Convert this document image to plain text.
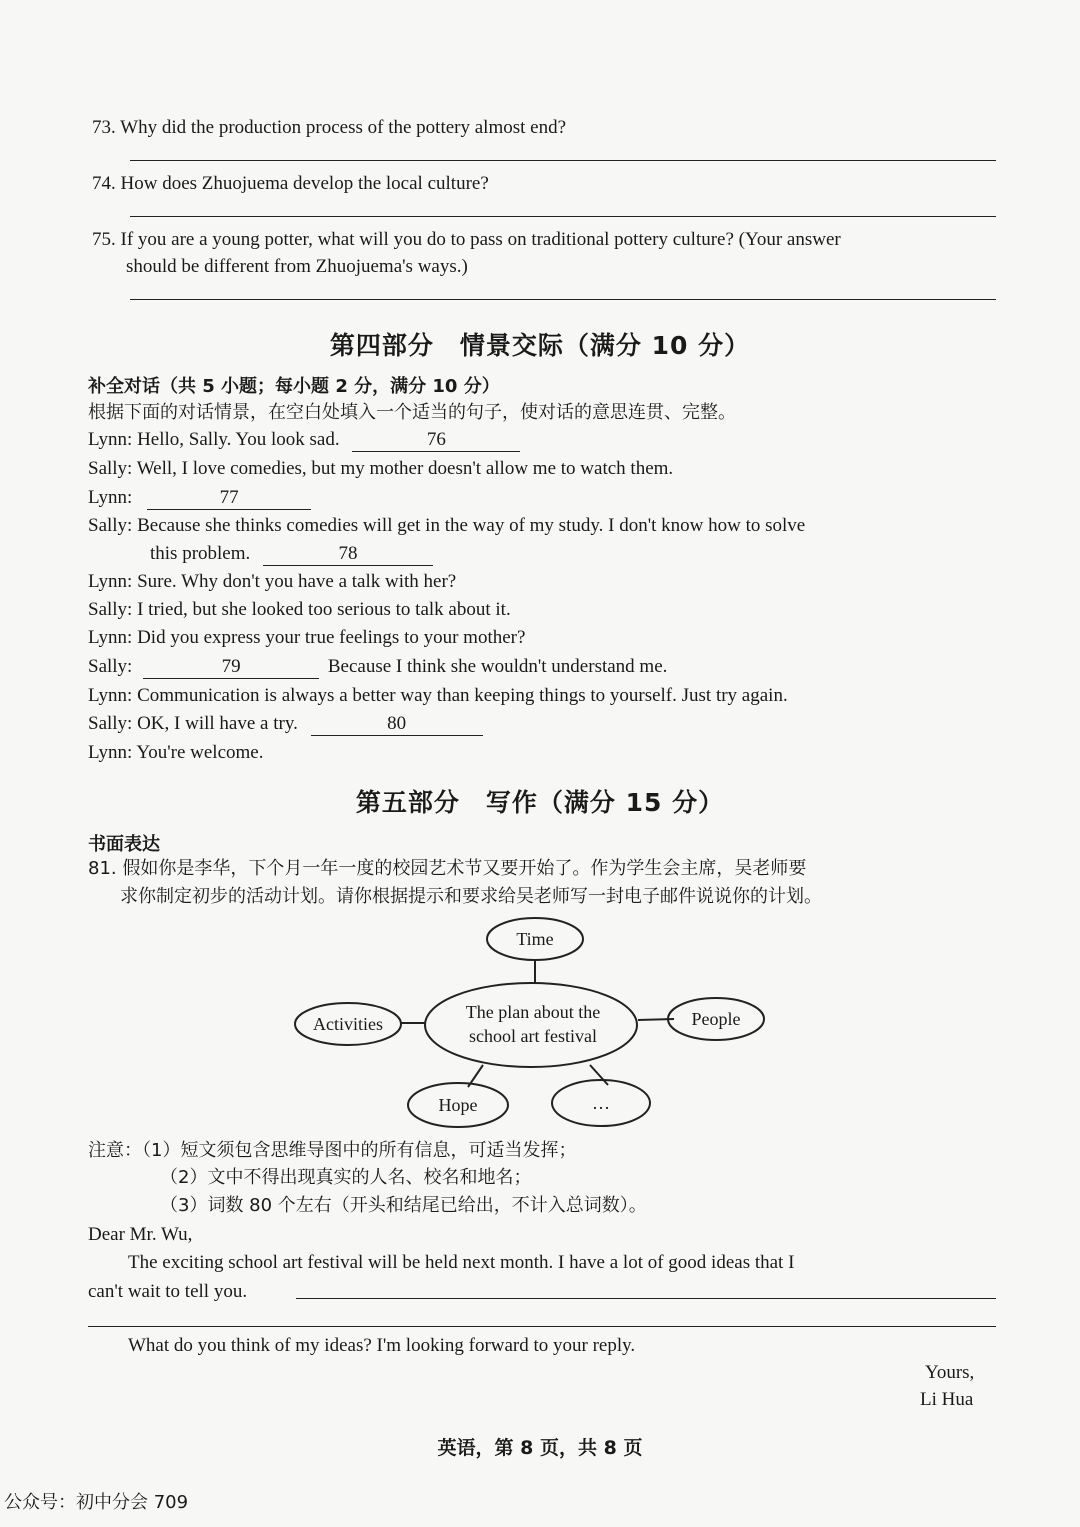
73. Why did the production process of the pottery almost end?
74. How does Zhuojuema develop the local culture?
75. If you are a young potter, what will you do to pass on traditional pottery culture? (Your answer
should be different from Zhuojuema's ways.)
第四部分　情景交际（满分 10 分）
补全对话（共 5 小题；每小题 2 分，满分 10 分）
根据下面的对话情景，在空白处填入一个适当的句子，使对话的意思连贯、完整。
Lynn: Hello, Sally. You look sad.	76
Sally: Well, I love comedies, but my mother doesn't allow me to watch them.
Lynn:	77
Sally: Because she thinks comedies will get in the way of my study. I don't know how to solve
this problem.	78
Lynn: Sure. Why don't you have a talk with her?
Sally: I tried, but she looked too serious to talk about it.
Lynn: Did you express your true feelings to your mother?
Sally:	79	Because I think she wouldn't understand me.
Lynn: Communication is always a better way than keeping things to yourself. Just try again.
Sally: OK, I will have a try.	80
Lynn: You're welcome.
第五部分　写作（满分 15 分）
书面表达
81. 假如你是李华，下个月一年一度的校园艺术节又要开始了。作为学生会主席，吴老师要
求你制定初步的活动计划。请你根据提示和要求给吴老师写一封电子邮件说说你的计划。
Time
Activities
The plan about the
school art festival
People
Hope	…
注意：（1）短文须包含思维导图中的所有信息，可适当发挥；
（2）文中不得出现真实的人名、校名和地名；
（3）词数 80 个左右（开头和结尾已给出，不计入总词数）。
Dear Mr. Wu,
The exciting school art festival will be held next month. I have a lot of good ideas that I
can't wait to tell you.
What do you think of my ideas? I'm looking forward to your reply.
Yours,
Li Hua
英语，第 8 页，共 8 页
公众号：初中分会 709
